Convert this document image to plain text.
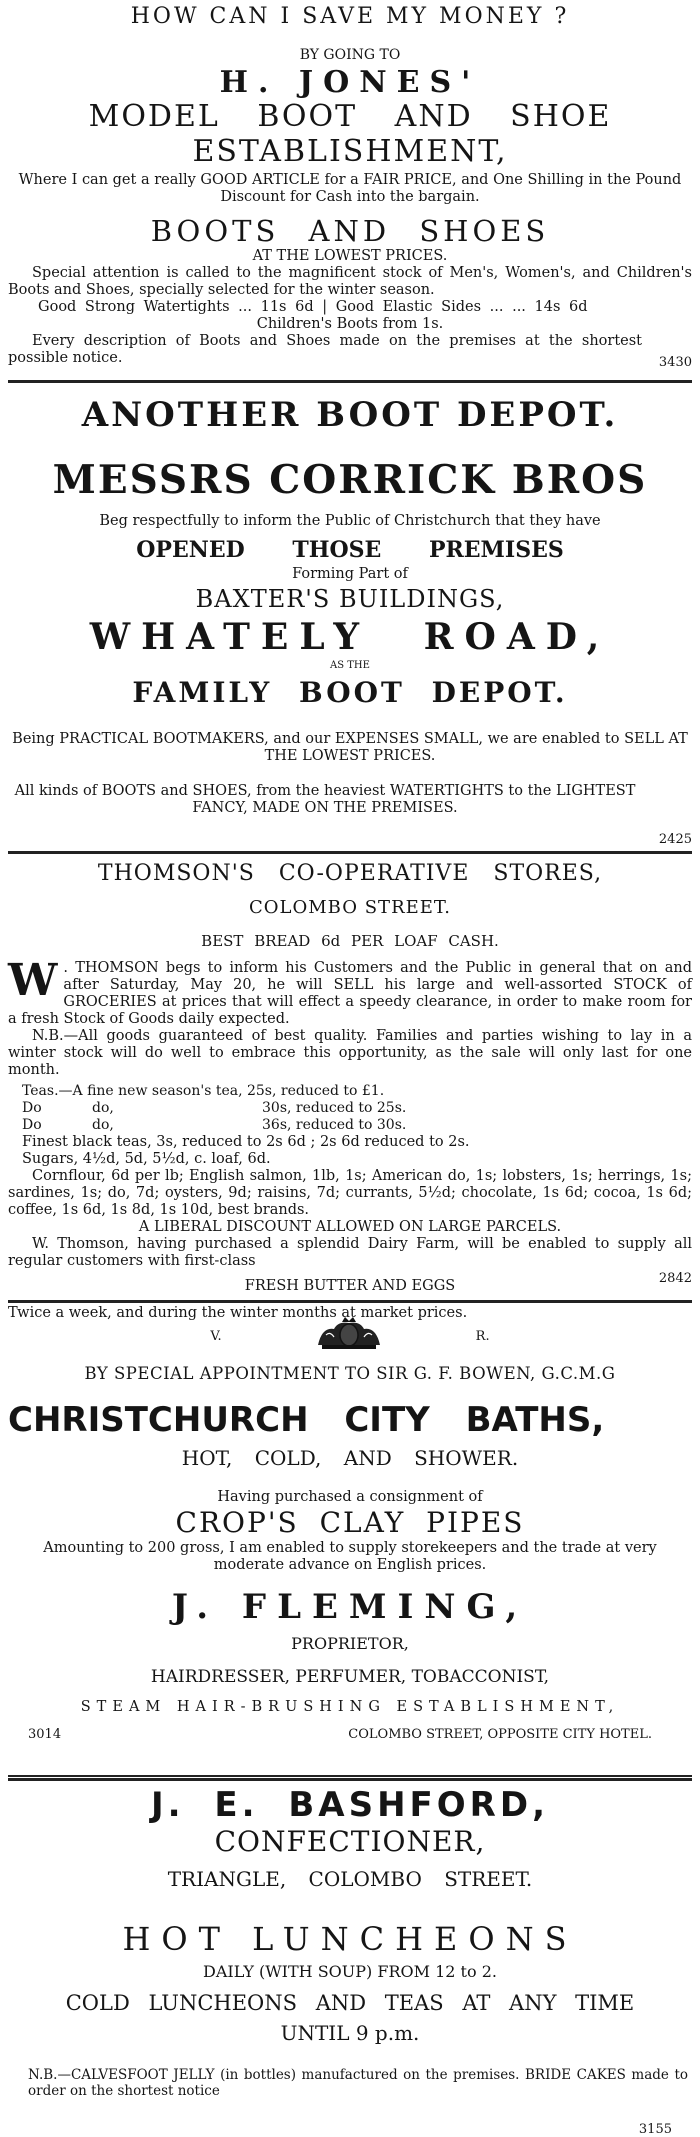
HOW CAN I SAVE MY MONEY ?

BY GOING TO

H. JONES'

MODEL BOOT AND SHOE

ESTABLISHMENT,

Where I can get a really GOOD ARTICLE for a FAIR PRICE, and One Shilling in the Pound Discount for Cash into the bargain.

BOOTS AND SHOES

AT THE LOWEST PRICES.

Special attention is called to the magnificent stock of Men's, Women's, and Children's Boots and Shoes, specially selected for the winter season.

Good Strong Watertights ... 11s 6d | Good Elastic Sides ... ... 14s 6d

Children's Boots from 1s.

Every description of Boots and Shoes made on the premises at the shortest possible notice.	3430

ANOTHER BOOT DEPOT.

MESSRS CORRICK BROS

Beg respectfully to inform the Public of Christchurch that they have

OPENED THOSE PREMISES

Forming Part of

BAXTER'S BUILDINGS,

WHATELY ROAD,

AS THE

FAMILY BOOT DEPOT.

Being PRACTICAL BOOTMAKERS, and our EXPENSES SMALL, we are enabled to SELL AT THE LOWEST PRICES.

All kinds of BOOTS and SHOES, from the heaviest WATERTIGHTS to the LIGHTEST FANCY, MADE ON THE PREMISES.

2425

THOMSON'S CO-OPERATIVE STORES,

COLOMBO STREET.

BEST BREAD 6d PER LOAF CASH.

W . THOMSON begs to inform his Customers and the Public in general that on and after Saturday, May 20, he will SELL his large and well-assorted STOCK of GROCERIES at prices that will effect a speedy clearance, in order to make room for a fresh Stock of Goods daily expected.

N.B.—All goods guaranteed of best quality. Families and parties wishing to lay in a winter stock will do well to embrace this opportunity, as the sale will only last for one month.

Teas.—A fine new season's tea, 25s, reduced to £1.
Do	do,	30s, reduced to 25s.
Do	do,	36s, reduced to 30s.

Finest black teas, 3s, reduced to 2s 6d ; 2s 6d reduced to 2s.

Sugars, 4½d, 5d, 5½d, c. loaf, 6d.

Cornflour, 6d per lb; English salmon, 1lb, 1s; American do, 1s; lobsters, 1s; herrings, 1s; sardines, 1s; do, 7d; oysters, 9d; raisins, 7d; currants, 5½d; chocolate, 1s 6d; cocoa, 1s 6d; coffee, 1s 6d, 1s 8d, 1s 10d, best brands.

A LIBERAL DISCOUNT ALLOWED ON LARGE PARCELS.

W. Thomson, having purchased a splendid Dairy Farm, will be enabled to supply all regular customers with first-class

FRESH BUTTER AND EGGS

Twice a week, and during the winter months at market prices.

2842
V.	R.

BY SPECIAL APPOINTMENT TO SIR G. F. BOWEN, G.C.M.G

CHRISTCHURCH CITY BATHS,

HOT, COLD, AND SHOWER.

Having purchased a consignment of

CROP'S CLAY PIPES

Amounting to 200 gross, I am enabled to supply storekeepers and the trade at very moderate advance on English prices.

J. FLEMING,

PROPRIETOR,

HAIRDRESSER, PERFUMER, TOBACCONIST,

STEAM HAIR-BRUSHING ESTABLISHMENT,

3014	COLOMBO STREET, OPPOSITE CITY HOTEL.

J. E. BASHFORD,

CONFECTIONER,

TRIANGLE, COLOMBO STREET.

HOT LUNCHEONS

DAILY (WITH SOUP) FROM 12 to 2.

COLD LUNCHEONS AND TEAS AT ANY TIME

UNTIL 9 p.m.

N.B.—CALVESFOOT JELLY (in bottles) manufactured on the premises. BRIDE CAKES made to order on the shortest notice

3155
